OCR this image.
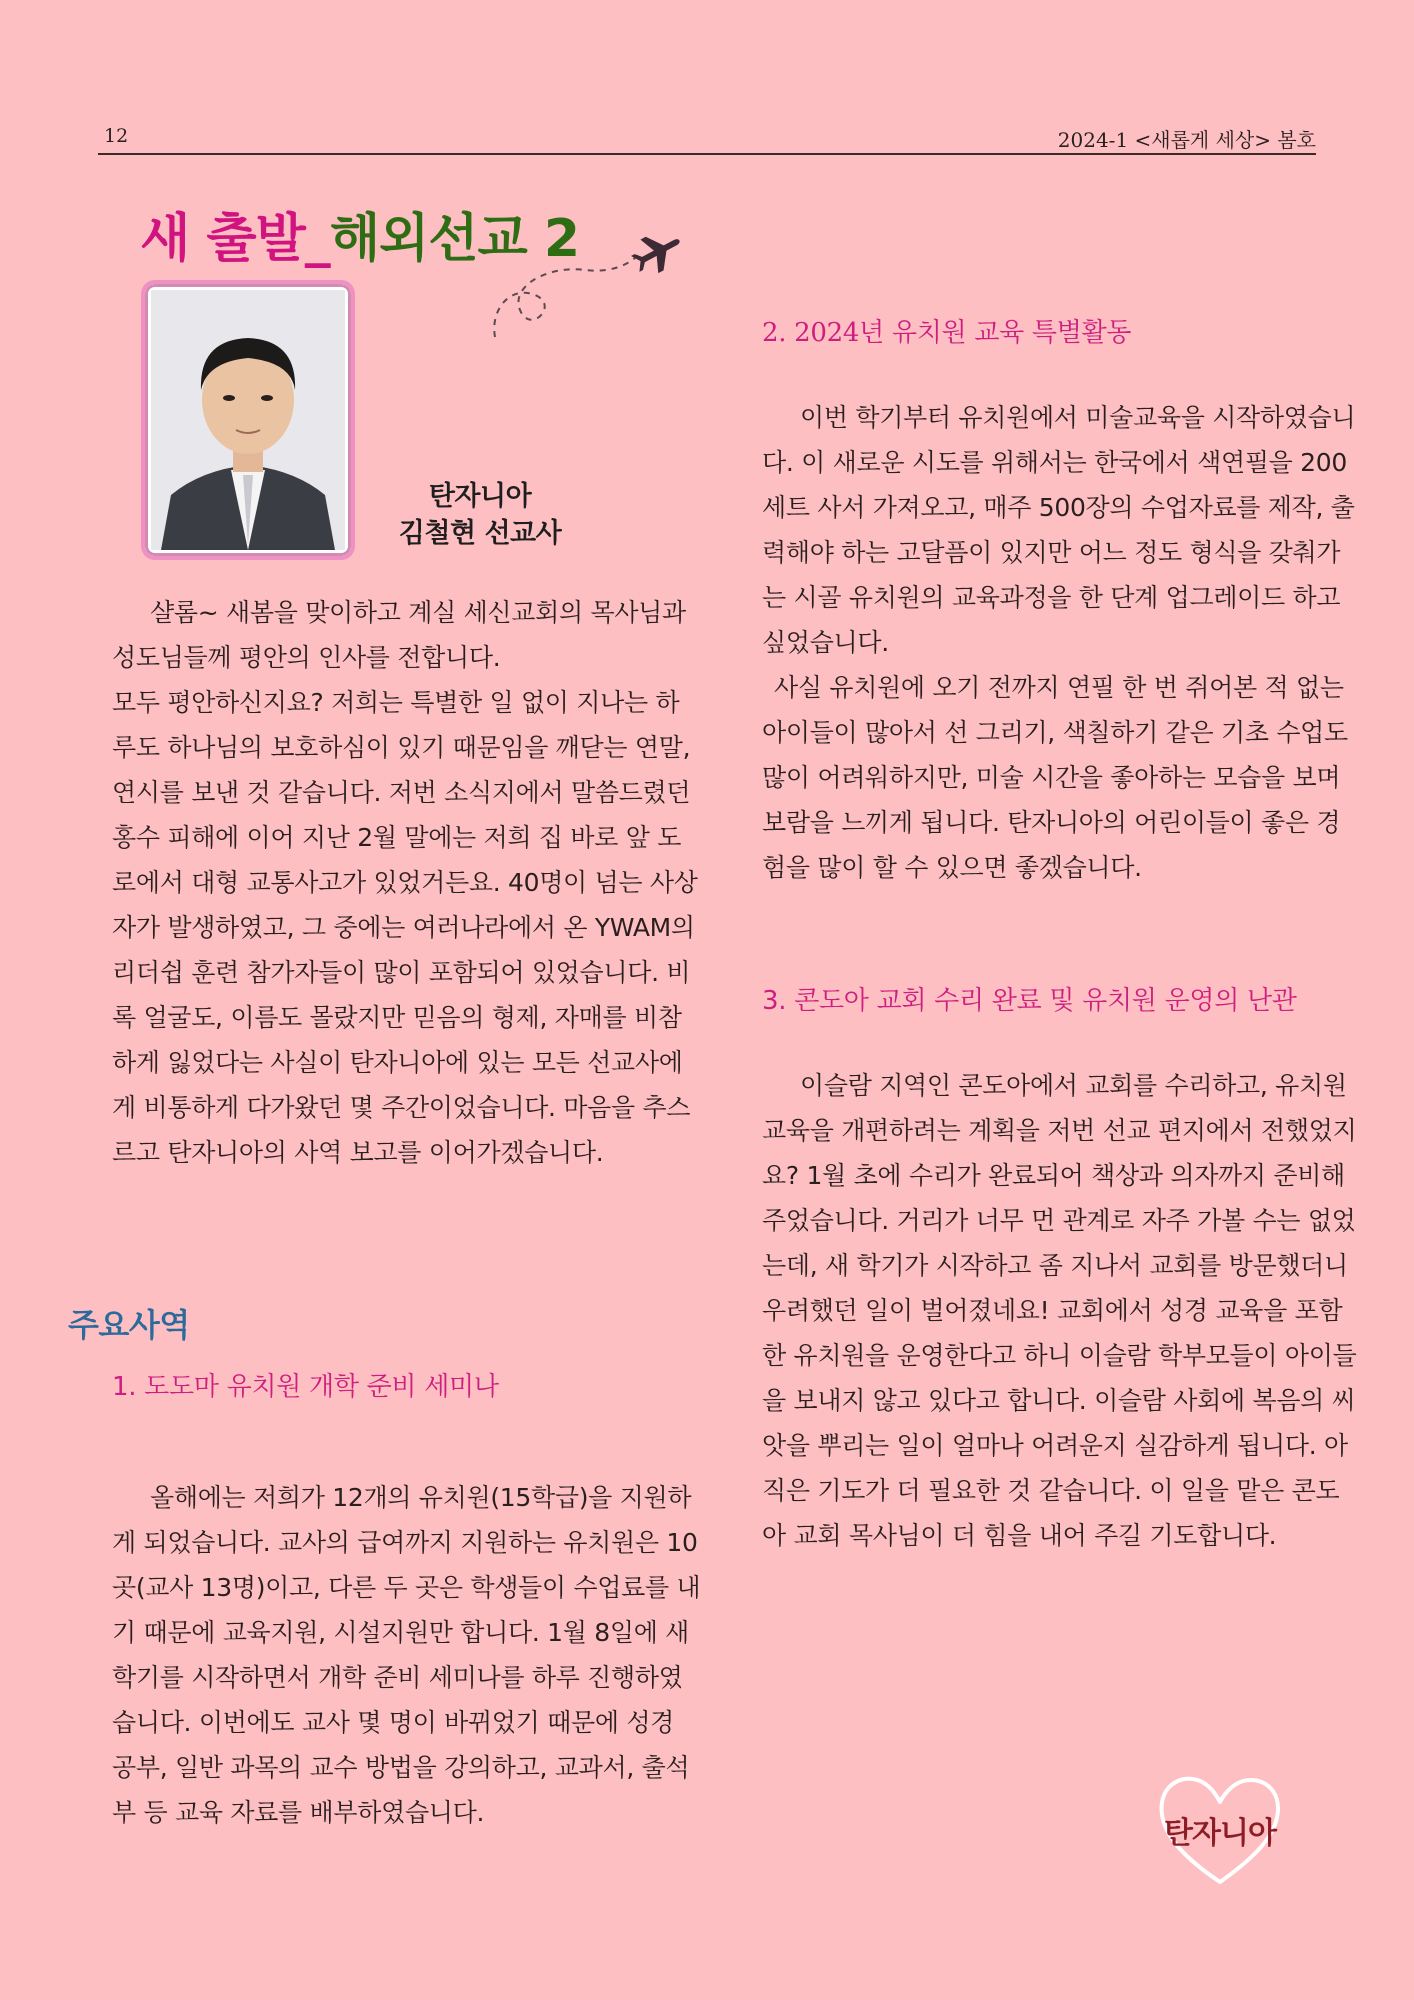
12	2024-1 <새롭게 세상> 봄호
새 출발_해외선교 2
탄자니아
김철현 선교사

샬롬~ 새봄을 맞이하고 계실 세신교회의 목사님과 성도님들께 평안의 인사를 전합니다.

모두 평안하신지요? 저희는 특별한 일 없이 지나는 하루도 하나님의 보호하심이 있기 때문임을 깨닫는 연말, 연시를 보낸 것 같습니다. 저번 소식지에서 말씀드렸던 홍수 피해에 이어 지난 2월 말에는 저희 집 바로 앞 도로에서 대형 교통사고가 있었거든요. 40명이 넘는 사상자가 발생하였고, 그 중에는 여러나라에서 온 YWAM의 리더쉽 훈련 참가자들이 많이 포함되어 있었습니다. 비록 얼굴도, 이름도 몰랐지만 믿음의 형제, 자매를 비참하게 잃었다는 사실이 탄자니아에 있는 모든 선교사에게 비통하게 다가왔던 몇 주간이었습니다. 마음을 추스르고 탄자니아의 사역 보고를 이어가겠습니다.

주요사역
1. 도도마 유치원 개학 준비 세미나

올해에는 저희가 12개의 유치원(15학급)을 지원하게 되었습니다. 교사의 급여까지 지원하는 유치원은 10곳(교사 13명)이고, 다른 두 곳은 학생들이 수업료를 내기 때문에 교육지원, 시설지원만 합니다. 1월 8일에 새학기를 시작하면서 개학 준비 세미나를 하루 진행하였습니다. 이번에도 교사 몇 명이 바뀌었기 때문에 성경 공부, 일반 과목의 교수 방법을 강의하고, 교과서, 출석부 등 교육 자료를 배부하였습니다.

2. 2024년 유치원 교육 특별활동

이번 학기부터 유치원에서 미술교육을 시작하였습니다. 이 새로운 시도를 위해서는 한국에서 색연필을 200세트 사서 가져오고, 매주 500장의 수업자료를 제작, 출력해야 하는 고달픔이 있지만 어느 정도 형식을 갖춰가는 시골 유치원의 교육과정을 한 단계 업그레이드 하고 싶었습니다.

사실 유치원에 오기 전까지 연필 한 번 쥐어본 적 없는 아이들이 많아서 선 그리기, 색칠하기 같은 기초 수업도 많이 어려워하지만, 미술 시간을 좋아하는 모습을 보며 보람을 느끼게 됩니다. 탄자니아의 어린이들이 좋은 경험을 많이 할 수 있으면 좋겠습니다.

3. 콘도아 교회 수리 완료 및 유치원 운영의 난관

이슬람 지역인 콘도아에서 교회를 수리하고, 유치원 교육을 개편하려는 계획을 저번 선교 편지에서 전했었지요? 1월 초에 수리가 완료되어 책상과 의자까지 준비해 주었습니다. 거리가 너무 먼 관계로 자주 가볼 수는 없었는데, 새 학기가 시작하고 좀 지나서 교회를 방문했더니 우려했던 일이 벌어졌네요! 교회에서 성경 교육을 포함한 유치원을 운영한다고 하니 이슬람 학부모들이 아이들을 보내지 않고 있다고 합니다. 이슬람 사회에 복음의 씨앗을 뿌리는 일이 얼마나 어려운지 실감하게 됩니다. 아직은 기도가 더 필요한 것 같습니다. 이 일을 맡은 콘도아 교회 목사님이 더 힘을 내어 주길 기도합니다.

탄자니아
